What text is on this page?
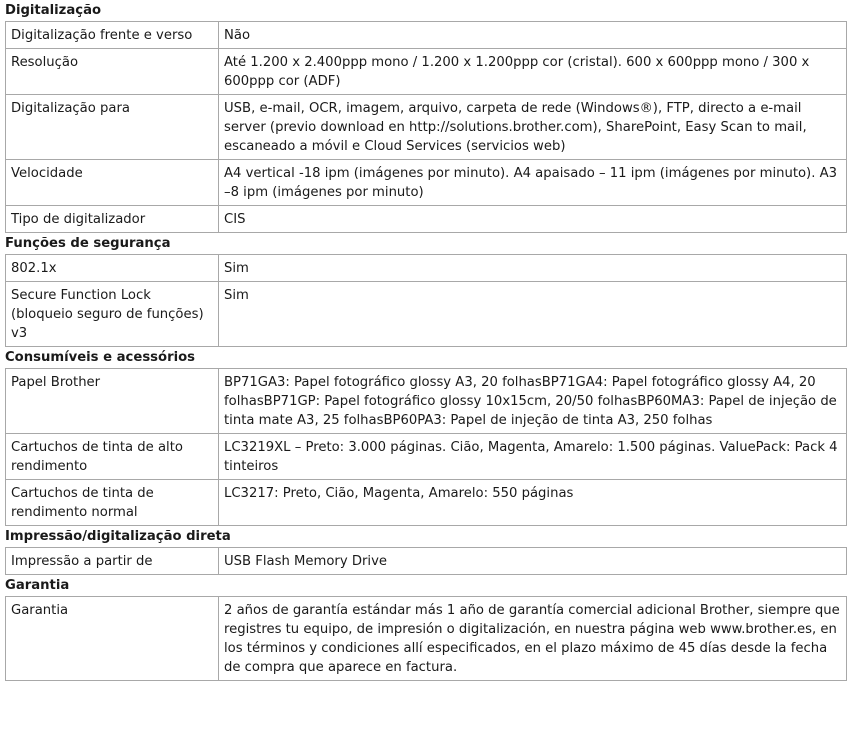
Digitalização
Digitalização frente e verso	Não
Resolução	Até 1.200 x 2.400ppp mono / 1.200 x 1.200ppp cor (cristal). 600 x 600ppp mono / 300 x 600ppp cor (ADF)
Digitalização para	USB, e-mail, OCR, imagem, arquivo, carpeta de rede (Windows®), FTP, directo a e-mail server (previo download en http://solutions.brother.com), SharePoint, Easy Scan to mail, escaneado a móvil e Cloud Services (servicios web)
Velocidade	A4 vertical -18 ipm (imágenes por minuto). A4 apaisado – 11 ipm (imágenes por minuto). A3 –8 ipm (imágenes por minuto)
Tipo de digitalizador	CIS
Funções de segurança
802.1x	Sim
Secure Function Lock (bloqueio seguro de funções) v3	Sim
Consumíveis e acessórios
Papel Brother	BP71GA3: Papel fotográfico glossy A3, 20 folhasBP71GA4: Papel fotográfico glossy A4, 20 folhasBP71GP: Papel fotográfico glossy 10x15cm, 20/50 folhasBP60MA3: Papel de injeção de tinta mate A3, 25 folhasBP60PA3: Papel de injeção de tinta A3, 250 folhas
Cartuchos de tinta de alto rendimento	LC3219XL – Preto: 3.000 páginas. Cião, Magenta, Amarelo: 1.500 páginas. ValuePack: Pack 4 tinteiros
Cartuchos de tinta de rendimento normal	LC3217: Preto, Cião, Magenta, Amarelo: 550 páginas
Impressão/digitalização direta
Impressão a partir de	USB Flash Memory Drive
Garantia
Garantia	2 años de garantía estándar más 1 año de garantía comercial adicional Brother, siempre que registres tu equipo, de impresión o digitalización, en nuestra página web www.brother.es, en los términos y condiciones allí especificados, en el plazo máximo de 45 días desde la fecha de compra que aparece en factura.
